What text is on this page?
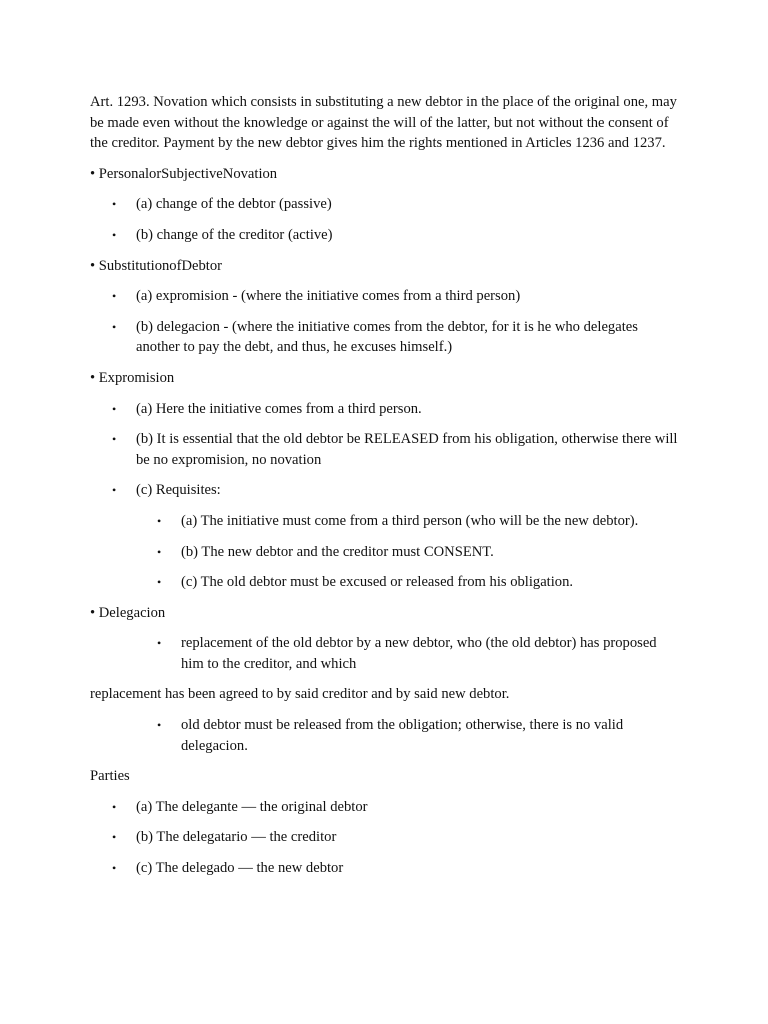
Art. 1293. Novation which consists in substituting a new debtor in the place of the original one, may be made even without the knowledge or against the will of the latter, but not without the consent of the creditor. Payment by the new debtor gives him the rights mentioned in Articles 1236 and 1237.

• PersonalorSubjectiveNovation

• (a) change of the debtor (passive)
• (b) change of the creditor (active)

• SubstitutionofDebtor

• (a) expromision - (where the initiative comes from a third person)
• (b) delegacion - (where the initiative comes from the debtor, for it is he who delegates another to pay the debt, and thus, he excuses himself.)

• Expromision

• (a) Here the initiative comes from a third person.
• (b) It is essential that the old debtor be RELEASED from his obligation, otherwise there will be no expromision, no novation
• (c) Requisites:
• (a) The initiative must come from a third person (who will be the new debtor).
• (b) The new debtor and the creditor must CONSENT.
• (c) The old debtor must be excused or released from his obligation.

• Delegacion

• replacement of the old debtor by a new debtor, who (the old debtor) has proposed him to the creditor, and which

replacement has been agreed to by said creditor and by said new debtor.

• old debtor must be released from the obligation; otherwise, there is no valid delegacion.

Parties

• (a) The delegante — the original debtor
• (b) The delegatario — the creditor
• (c) The delegado — the new debtor
